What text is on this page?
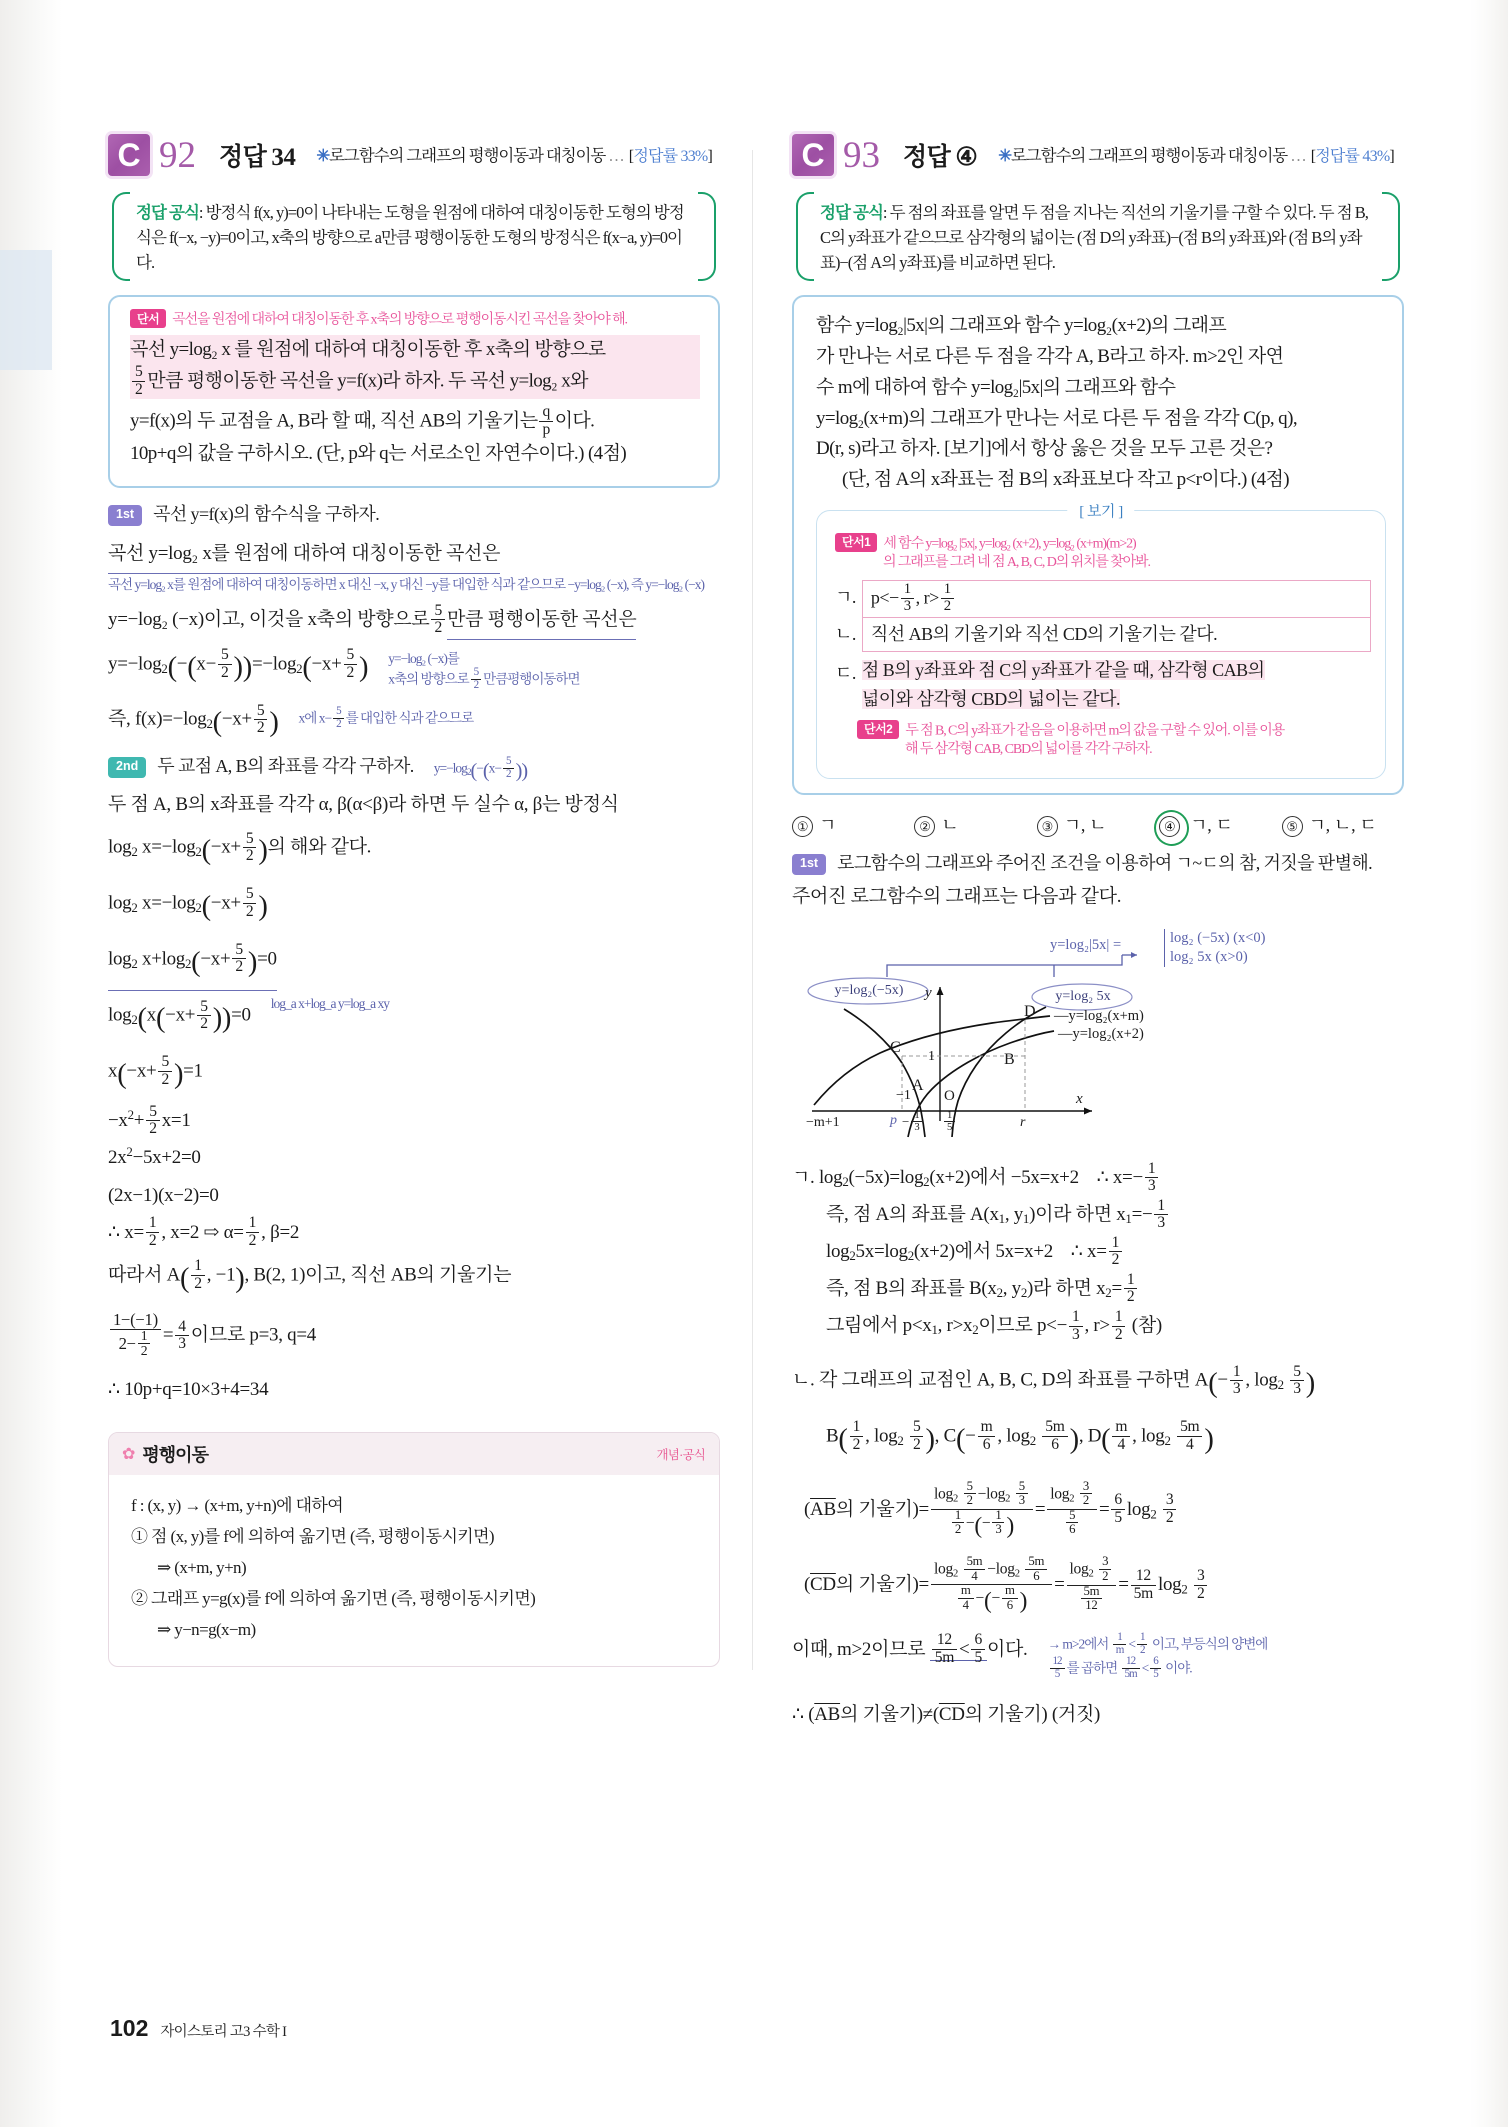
C 92 정답 34 ✳로그함수의 그래프의 평행이동과 대칭이동 … [정답률 33%]

정답 공식: 방정식 f(x, y)=0이 나타내는 도형을 원점에 대하여 대칭이동한 도형의 방정식은 f(−x, −y)=0이고, x축의 방향으로 a만큼 평행이동한 도형의 방정식은 f(x−a, y)=0이다.

단서 곡선을 원점에 대하여 대칭이동한 후 x축의 방향으로 평행이동시킨 곡선을 찾아야 해.

곡선 y=log₂ x 를 원점에 대하여 대칭이동한 후 x축의 방향으로

$\frac{5}{2}$ 만큼 평행이동한 곡선을 y=f(x)라 하자. 두 곡선 y=log₂ x와

y=f(x)의 두 교점을 A, B라 할 때, 직선 AB의 기울기는 $\frac{q}{p}$ 이다.

10p+q의 값을 구하시오. (단, p와 q는 서로소인 자연수이다.) (4점)

1st	곡선 y=f(x)의 함수식을 구하자.

곡선 y=log₂ x를 원점에 대하여 대칭이동한 곡선은

곡선 y=log₂ x를 원점에 대하여 대칭이동하면 x 대신 −x, y 대신 −y를 대입한 식과 같으므로 −y=log₂ (−x), 즉 y=−log₂ (−x)

y=−log₂ (−x)이고, 이것을 x축의 방향으로 $\frac{5}{2}$ 만큼 평행이동한 곡선은

$y=-\log_2(-(x- \frac{5}{2} ))=-\log_2(-x+ \frac{5}{2}$ ) y=−log₂ (−x)를
x축의 방향으로 $\frac{5}{2}$ 만큼평행이동하면
즉, $f(x)=-\log_2(-x+ \frac{5}{2}$ ) x에 $x- \frac{5}{2}$ 를 대입한 식과 같으므로
2nd	두 교점 A, B의 좌표를 각각 구하자. $y=-\log_2(-(x- \frac{5}{2}$ ))

두 점 A, B의 x좌표를 각각 α, β(α<β)라 하면 두 실수 α, β는 방정식

$\log_2 x=-\log_2(-x+ \frac{5}{2}$ )의 해와 같다.

$\log_2 x=-\log_2(-x+ \frac{5}{2}$ )

$\log_2 x+\log_2(-x+ \frac{5}{2} )=0$

$\log_2(x(-x+ \frac{5}{2} ))=0$
log_a x+log_a y=log_a xy

$x(-x+ \frac{5}{2} )=1$

$-x^2+ \frac{5}{2} x=1$

$2x^2-5x+2=0$

(2x−1)(x−2)=0

∴ $x= \frac{1}{2}$ , x=2 ⇨ $\alpha= \frac{1}{2}$ , β=2

따라서 $A( \frac{1}{2}$ , −1), B(2, 1)이고, 직선 AB의 기울기는

$\frac{1-(-1)}{2- \frac{1}{2}} = \frac{4}{3}$ 이므로 p=3, q=4

∴ 10p+q=10×3+4=34

✿ 평행이동	개념·공식
f : (x, y) → (x+m, y+n)에 대하여
① 점 (x, y)를 f에 의하여 옮기면 (즉, 평행이동시키면)
⇒ (x+m, y+n)
② 그래프 y=g(x)를 f에 의하여 옮기면 (즉, 평행이동시키면)
⇒ y−n=g(x−m)
C 93 정답 ④ ✳로그함수의 그래프의 평행이동과 대칭이동 … [정답률 43%]

정답 공식: 두 점의 좌표를 알면 두 점을 지나는 직선의 기울기를 구할 수 있다. 두 점 B, C의 y좌표가 같으므로 삼각형의 넓이는 (점 D의 y좌표)−(점 B의 y좌표)와 (점 B의 y좌표)−(점 A의 y좌표)를 비교하면 된다.

함수 y=log₂|5x|의 그래프와 함수 y=log₂(x+2)의 그래프

가 만나는 서로 다른 두 점을 각각 A, B라고 하자. m>2인 자연

수 m에 대하여 함수 y=log₂|5x|의 그래프와 함수

y=log₂(x+m)의 그래프가 만나는 서로 다른 두 점을 각각 C(p, q),

D(r, s)라고 하자. [보기]에서 항상 옳은 것을 모두 고른 것은?

(단, 점 A의 x좌표는 점 B의 x좌표보다 작고 p<r이다.) (4점)

[ 보기 ]

단서1 세 함수 y=log₂ |5x|, y=log₂ (x+2), y=log₂ (x+m)(m>2)
의 그래프를 그려 네 점 A, B, C, D의 위치를 찾아봐.

ㄱ. $p<- \frac{1}{3}$ , $r> \frac{1}{2}$
ㄴ. 직선 AB의 기울기와 직선 CD의 기울기는 같다.
ㄷ. 점 B의 y좌표와 점 C의 y좌표가 같을 때, 삼각형 CAB의
넓이와 삼각형 CBD의 넓이는 같다.

단서2 두 점 B, C의 y좌표가 같음을 이용하면 m의 값을 구할 수 있어. 이를 이용
해 두 삼각형 CAB, CBD의 넓이를 각각 구하자.

① ㄱ	② ㄴ	③ ㄱ, ㄴ	④ ㄱ, ㄷ	⑤ ㄱ, ㄴ, ㄷ
1st	로그함수의 그래프와 주어진 조건을 이용하여 ㄱ~ㄷ의 참, 거짓을 판별해.

주어진 로그함수의 그래프는 다음과 같다.

y=log₂|5x| =	log₂ (−5x) (x<0)
log₂ 5x (x>0)
y=log₂(−5x)	y=log₂ 5x
—y=log₂(x+m)
—y=log₂(x+2)
C
D
A
B
1
−1 O	x
y
r
−m+1	$p - \frac{1}{3} \frac{1}{5}$

ㄱ. $\log_2(-5x)=\log_2(x+2)$에서 −5x=x+2    ∴ $x=- \frac{1}{3}$

즉, 점 A의 좌표를 $A(x_1$, $y_1$)이라 하면 $x_1=- \frac{1}{3}$

$\log_25x=\log_2(x+2)$에서 5x=x+2    ∴ $x= \frac{1}{2}$

즉, 점 B의 좌표를 $B(x_2$, $y_2$)라 하면 $x_2= \frac{1}{2}$

그림에서 $p<x_1$, $r>x_2$이므로 $p<- \frac{1}{3}$ , $r> \frac{1}{2}$ (참)

ㄴ. 각 그래프의 교점인 A, B, C, D의 좌표를 구하면 $A(- \frac{1}{3}$ , $\log_2 \frac{5}{3}$ )

$B( \frac{1}{2}$ , $\log_2 \frac{5}{2}$ ), $C(- \frac{m}{6}$ , $\log_2 \frac{5m}{6}$ ), $D( \frac{m}{4}$ , $\log_2 \frac{5m}{4}$ )

($\overline{AB}$의 기울기)= $\frac{\log_2 \frac{5}{2} -\log_2 \frac{5}{3}}{\frac{1}{2} -(- \frac{1}{3} )} = \frac{\log_2 \frac{3}{2}}{\frac{5}{6}} = \frac{6}{5} \log_2 \frac{3}{2}$

($\overline{CD}$의 기울기)= $\frac{\log_2 \frac{5m}{4} -\log_2 \frac{5m}{6}}{\frac{m}{4} -(- \frac{m}{6} )} = \frac{\log_2 \frac{3}{2}}{\frac{5m}{12}} = \frac{12}{5m} \log_2 \frac{3}{2}$

이때, m>2이므로 $\frac{12}{5m} < \frac{6}{5}$ 이다. → m>2에서 $\frac{1}{m} < \frac{1}{2}$ 이고, 부등식의 양변에
$\frac{12}{5}$ 를 곱하면 $\frac{12}{5m} < \frac{6}{5}$ 이야.

∴ ($\overline{AB}$의 기울기)$\ne(\overline{CD}$의 기울기) (거짓)

102 자이스토리 고3 수학 I
